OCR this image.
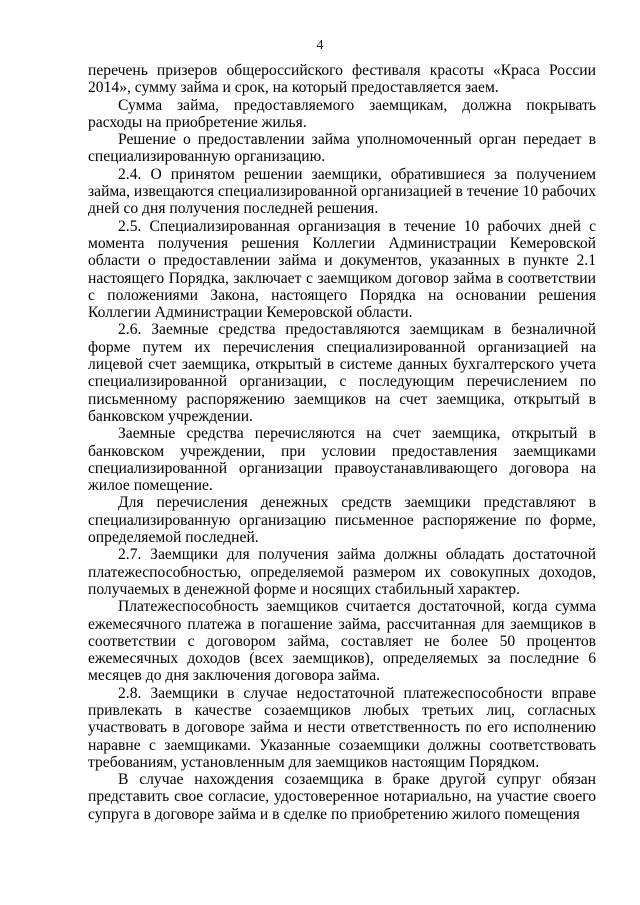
4

перечень призеров общероссийского фестиваля красоты «Краса России 2014», сумму займа и срок, на который предоставляется заем.

Сумма займа, предоставляемого заемщикам, должна покрывать расходы на приобретение жилья.

Решение о предоставлении займа уполномоченный орган передает в специализированную организацию.

2.4. О принятом решении заемщики, обратившиеся за получением займа, извещаются специализированной организацией в течение 10 рабочих дней со дня получения последней решения.

2.5. Специализированная организация в течение 10 рабочих дней с момента получения решения Коллегии Администрации Кемеровской области о предоставлении займа и документов, указанных в пункте 2.1 настоящего Порядка, заключает с заемщиком договор займа в соответствии с положениями Закона, настоящего Порядка на основании решения Коллегии Администрации Кемеровской области.

2.6. Заемные средства предоставляются заемщикам в безналичной форме путем их перечисления специализированной организацией на лицевой счет заемщика, открытый в системе данных бухгалтерского учета специализированной организации, с последующим перечислением по письменному распоряжению заемщиков на счет заемщика, открытый в банковском учреждении.

Заемные средства перечисляются на счет заемщика, открытый в банковском учреждении, при условии предоставления заемщиками специализированной организации правоустанавливающего договора на жилое помещение.

Для перечисления денежных средств заемщики представляют в специализированную организацию письменное распоряжение по форме, определяемой последней.

2.7. Заемщики для получения займа должны обладать достаточной платежеспособностью, определяемой размером их совокупных доходов, получаемых в денежной форме и носящих стабильный характер.

Платежеспособность заемщиков считается достаточной, когда сумма ежемесячного платежа в погашение займа, рассчитанная для заемщиков в соответствии с договором займа, составляет не более 50 процентов ежемесячных доходов (всех заемщиков), определяемых за последние 6 месяцев до дня заключения договора займа.

2.8. Заемщики в случае недостаточной платежеспособности вправе привлекать в качестве созаемщиков любых третьих лиц, согласных участвовать в договоре займа и нести ответственность по его исполнению наравне с заемщиками. Указанные созаемщики должны соответствовать требованиям, установленным для заемщиков настоящим Порядком.

В случае нахождения созаемщика в браке другой супруг обязан представить свое согласие, удостоверенное нотариально, на участие своего супруга в договоре займа и в сделке по приобретению жилого помещения
